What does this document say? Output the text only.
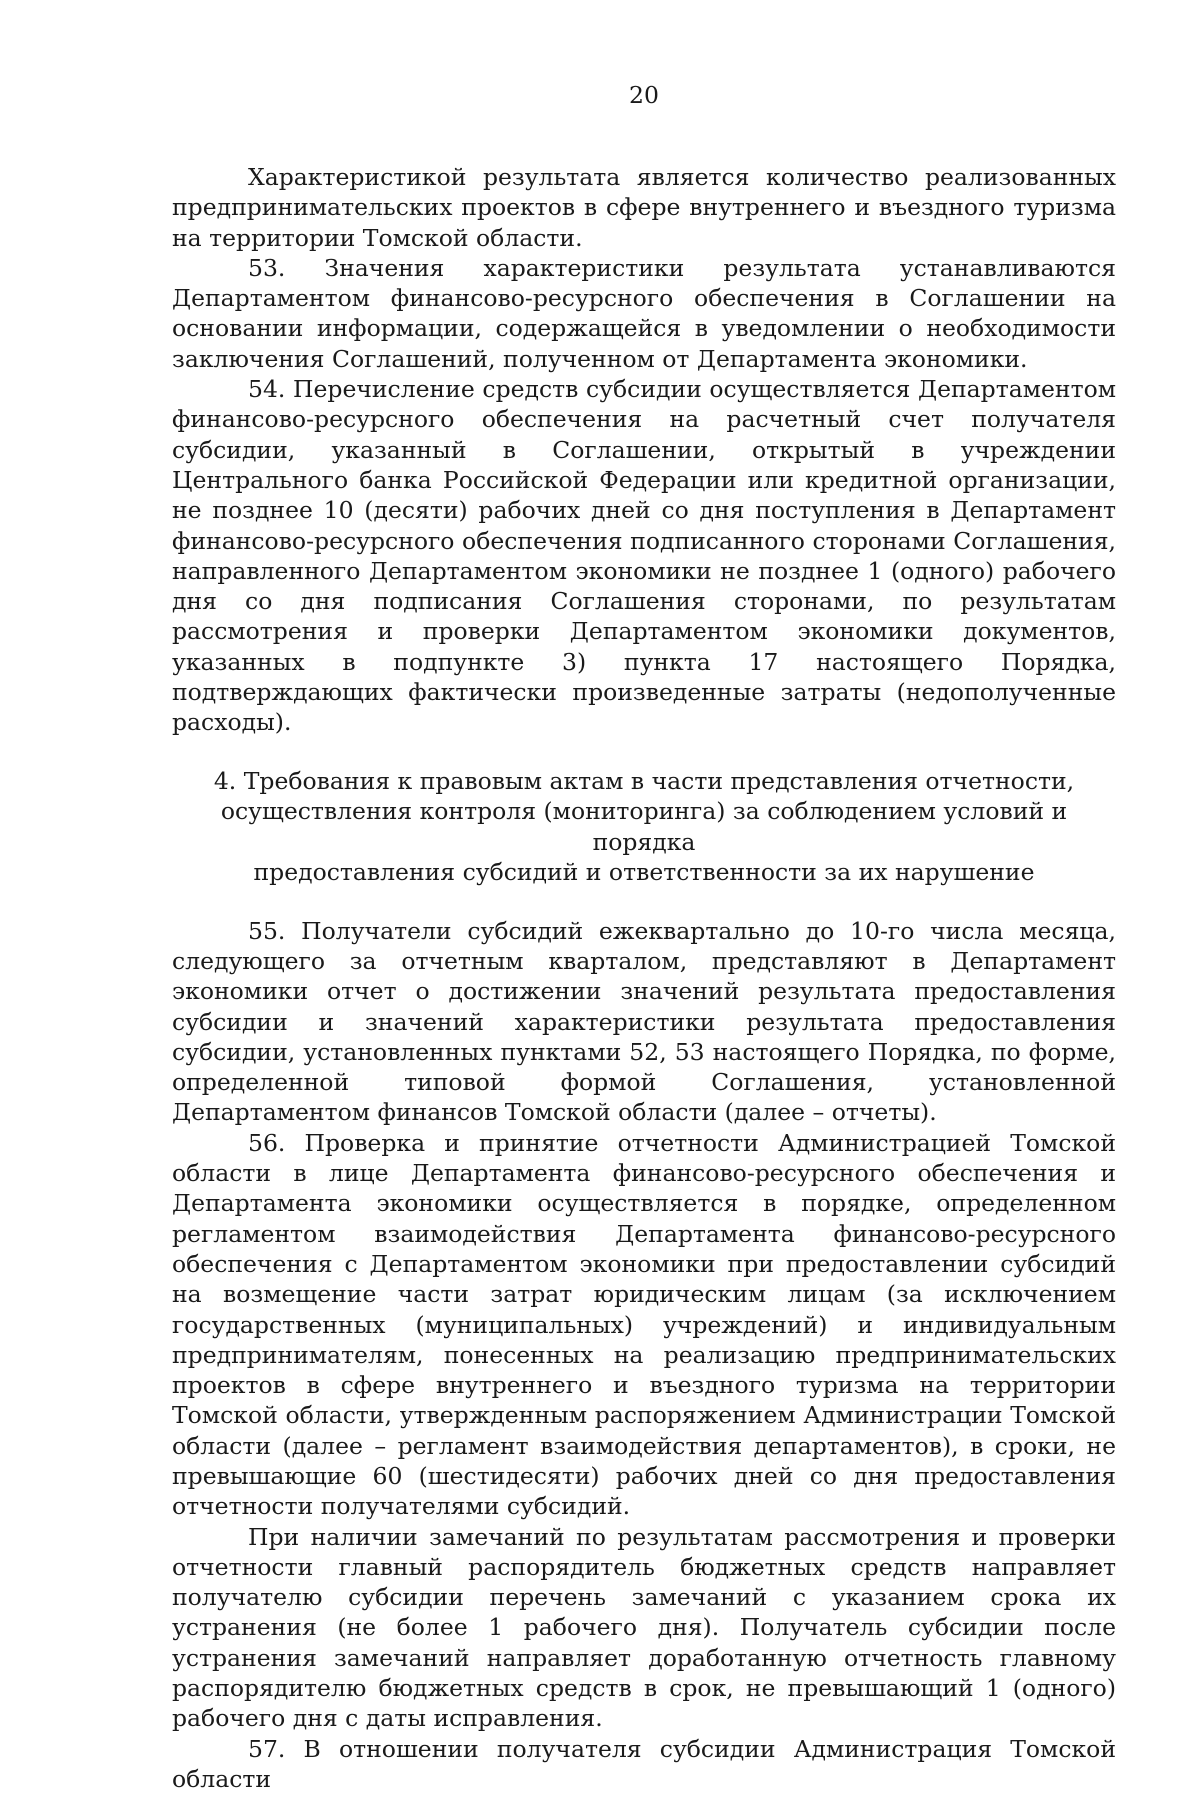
20

Характеристикой результата является количество реализованных предпринимательских проектов в сфере внутреннего и въездного туризма на территории Томской области.

53. Значения характеристики результата устанавливаются Департаментом финансово-ресурсного обеспечения в Соглашении на основании информации, содержащейся в уведомлении о необходимости заключения Соглашений, полученном от Департамента экономики.

54. Перечисление средств субсидии осуществляется Департаментом финансово-ресурсного обеспечения на расчетный счет получателя субсидии, указанный в Соглашении, открытый в учреждении Центрального банка Российской Федерации или кредитной организации, не позднее 10 (десяти) рабочих дней со дня поступления в Департамент финансово-ресурсного обеспечения подписанного сторонами Соглашения, направленного Департаментом экономики не позднее 1 (одного) рабочего дня со дня подписания Соглашения сторонами, по результатам рассмотрения и проверки Департаментом экономики документов, указанных в подпункте 3) пункта 17 настоящего Порядка, подтверждающих фактически произведенные затраты (недополученные расходы).

4. Требования к правовым актам в части представления отчетности,
осуществления контроля (мониторинга) за соблюдением условий и порядка
предоставления субсидий и ответственности за их нарушение

55. Получатели субсидий ежеквартально до 10-го числа месяца, следующего за отчетным кварталом, представляют в Департамент экономики отчет о достижении значений результата предоставления субсидии и значений характеристики результата предоставления субсидии, установленных пунктами 52, 53 настоящего Порядка, по форме, определенной типовой формой Соглашения, установленной Департаментом финансов Томской области (далее – отчеты).

56. Проверка и принятие отчетности Администрацией Томской области в лице Департамента финансово-ресурсного обеспечения и Департамента экономики осуществляется в порядке, определенном регламентом взаимодействия Департамента финансово-ресурсного обеспечения с Департаментом экономики при предоставлении субсидий на возмещение части затрат юридическим лицам (за исключением государственных (муниципальных) учреждений) и индивидуальным предпринимателям, понесенных на реализацию предпринимательских проектов в сфере внутреннего и въездного туризма на территории Томской области, утвержденным распоряжением Администрации Томской области (далее – регламент взаимодействия департаментов), в сроки, не превышающие 60 (шестидесяти) рабочих дней со дня предоставления отчетности получателями субсидий.

При наличии замечаний по результатам рассмотрения и проверки отчетности главный распорядитель бюджетных средств направляет получателю субсидии перечень замечаний с указанием срока их устранения (не более 1 рабочего дня). Получатель субсидии после устранения замечаний направляет доработанную отчетность главному распорядителю бюджетных средств в срок, не превышающий 1 (одного) рабочего дня с даты исправления.

57. В отношении получателя субсидии Администрация Томской области
